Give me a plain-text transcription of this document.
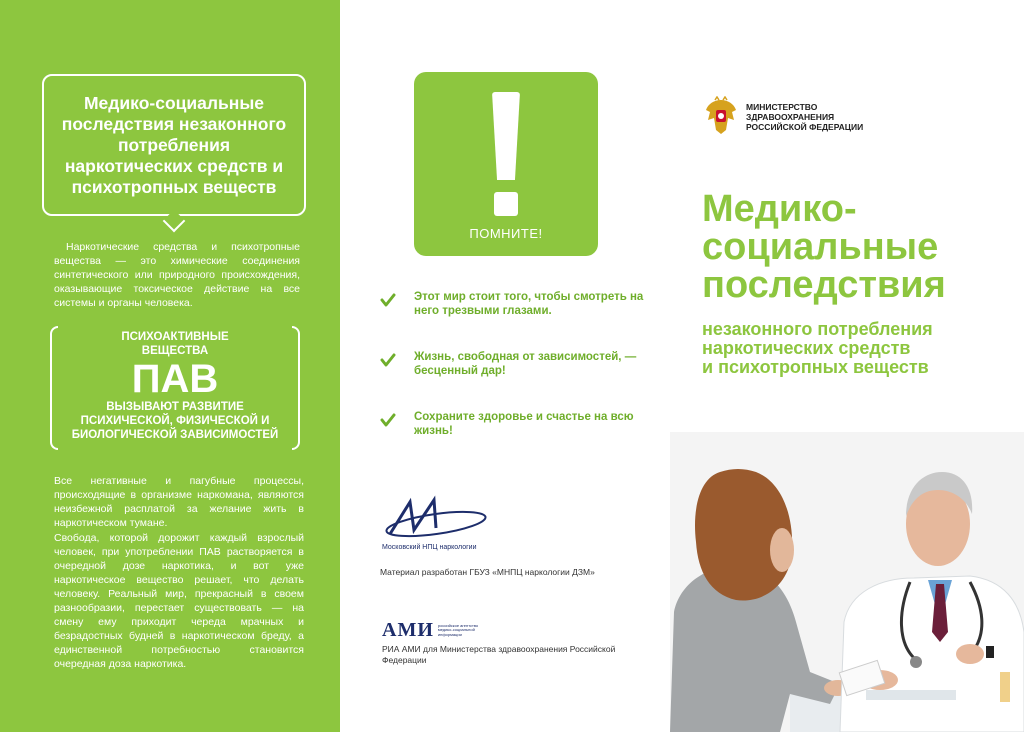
Медико-социальные последствия незаконного потребления наркотических средств и психотропных веществ
Наркотические средства и психотропные вещества — это химические соединения синтетического или природного происхождения, оказывающие токсическое действие на все системы и органы человека.
ПСИХОАКТИВНЫЕ ВЕЩЕСТВА
ПАВ
ВЫЗЫВАЮТ РАЗВИТИЕ ПСИХИЧЕСКОЙ, ФИЗИЧЕСКОЙ И БИОЛОГИЧЕСКОЙ ЗАВИСИМОСТЕЙ
Все негативные и пагубные процессы, происходящие в организме наркомана, являются неизбежной расплатой за желание жить в наркотическом тумане.
Свобода, которой дорожит каждый взрослый человек, при употреблении ПАВ растворяется в очередной дозе наркотика, и вот уже наркотическое вещество решает, что делать человеку. Реальный мир, прекрасный в своем разнообразии, перестает существовать — на смену ему приходит череда мрачных и безрадостных будней в наркотическом бреду, а единственной потребностью становится очередная доза наркотика.
ПОМНИТЕ!
Этот мир стоит того, чтобы смотреть на него трезвыми глазами.
Жизнь, свободная от зависимостей, — бесценный дар!
Сохраните здоровье и счастье на всю жизнь!
Московский НПЦ наркологии
Материал разработан ГБУЗ «МНПЦ наркологии ДЗМ»
АМИ российское агентство медико-социальной информации
РИА АМИ для Министерства здравоохранения Российской Федерации
МИНИСТЕРСТВО
ЗДРАВООХРАНЕНИЯ
РОССИЙСКОЙ ФЕДЕРАЦИИ
Медико-
социальные
последствия
незаконного потребления
наркотических средств
и психотропных веществ
